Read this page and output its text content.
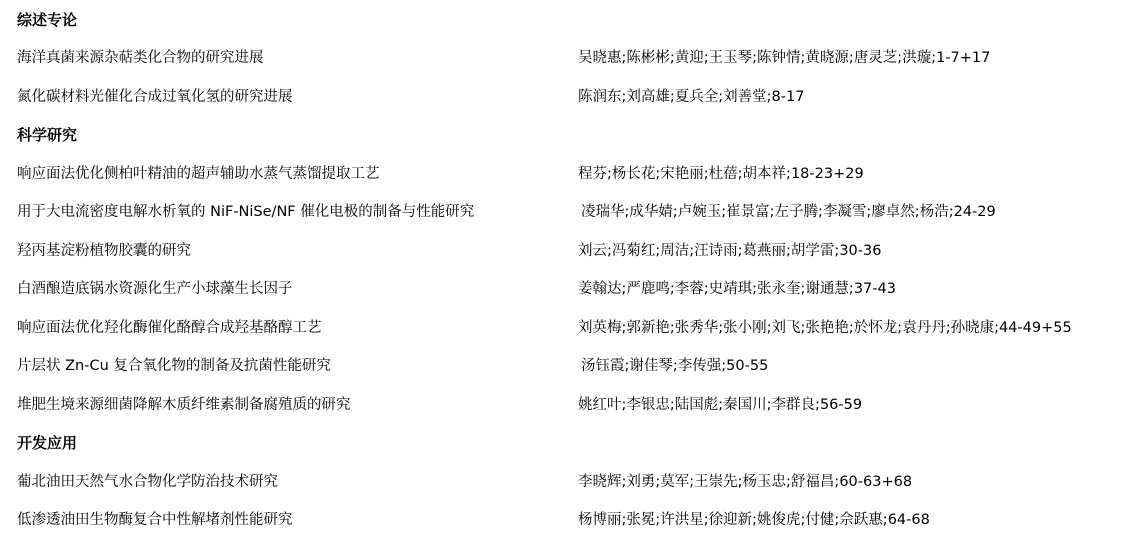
综述专论
海洋真菌来源杂萜类化合物的研究进展	吴晓惠;陈彬彬;黄迎;王玉琴;陈钟情;黄晓源;唐灵芝;洪璇;1-7+17
氮化碳材料光催化合成过氧化氢的研究进展	陈润东;刘高雄;夏兵全;刘善堂;8-17
科学研究
响应面法优化侧柏叶精油的超声辅助水蒸气蒸馏提取工艺	程芬;杨长花;宋艳丽;杜蓓;胡本祥;18-23+29
用于大电流密度电解水析氧的 NiF-NiSe/NF 催化电极的制备与性能研究	凌瑞华;成华婧;卢婉玉;崔景富;左子腾;李凝雪;廖卓然;杨浩;24-29
羟丙基淀粉植物胶囊的研究	刘云;冯菊红;周洁;汪诗雨;葛燕丽;胡学雷;30-36
白酒酿造底锅水资源化生产小球藻生长因子	姜翰达;严鹿鸣;李蓉;史靖琪;张永奎;谢通慧;37-43
响应面法优化羟化酶催化酪醇合成羟基酪醇工艺	刘英梅;郭新艳;张秀华;张小刚;刘飞;张艳艳;於怀龙;袁丹丹;孙晓康;44-49+55
片层状 Zn-Cu 复合氧化物的制备及抗菌性能研究	汤钰霞;谢佳琴;李传强;50-55
堆肥生境来源细菌降解木质纤维素制备腐殖质的研究	姚红叶;李银忠;陆国彪;秦国川;李群良;56-59
开发应用
葡北油田天然气水合物化学防治技术研究	李晓辉;刘勇;莫军;王崇先;杨玉忠;舒福昌;60-63+68
低渗透油田生物酶复合中性解堵剂性能研究	杨博丽;张冕;许洪星;徐迎新;姚俊虎;付健;佘跃惠;64-68
